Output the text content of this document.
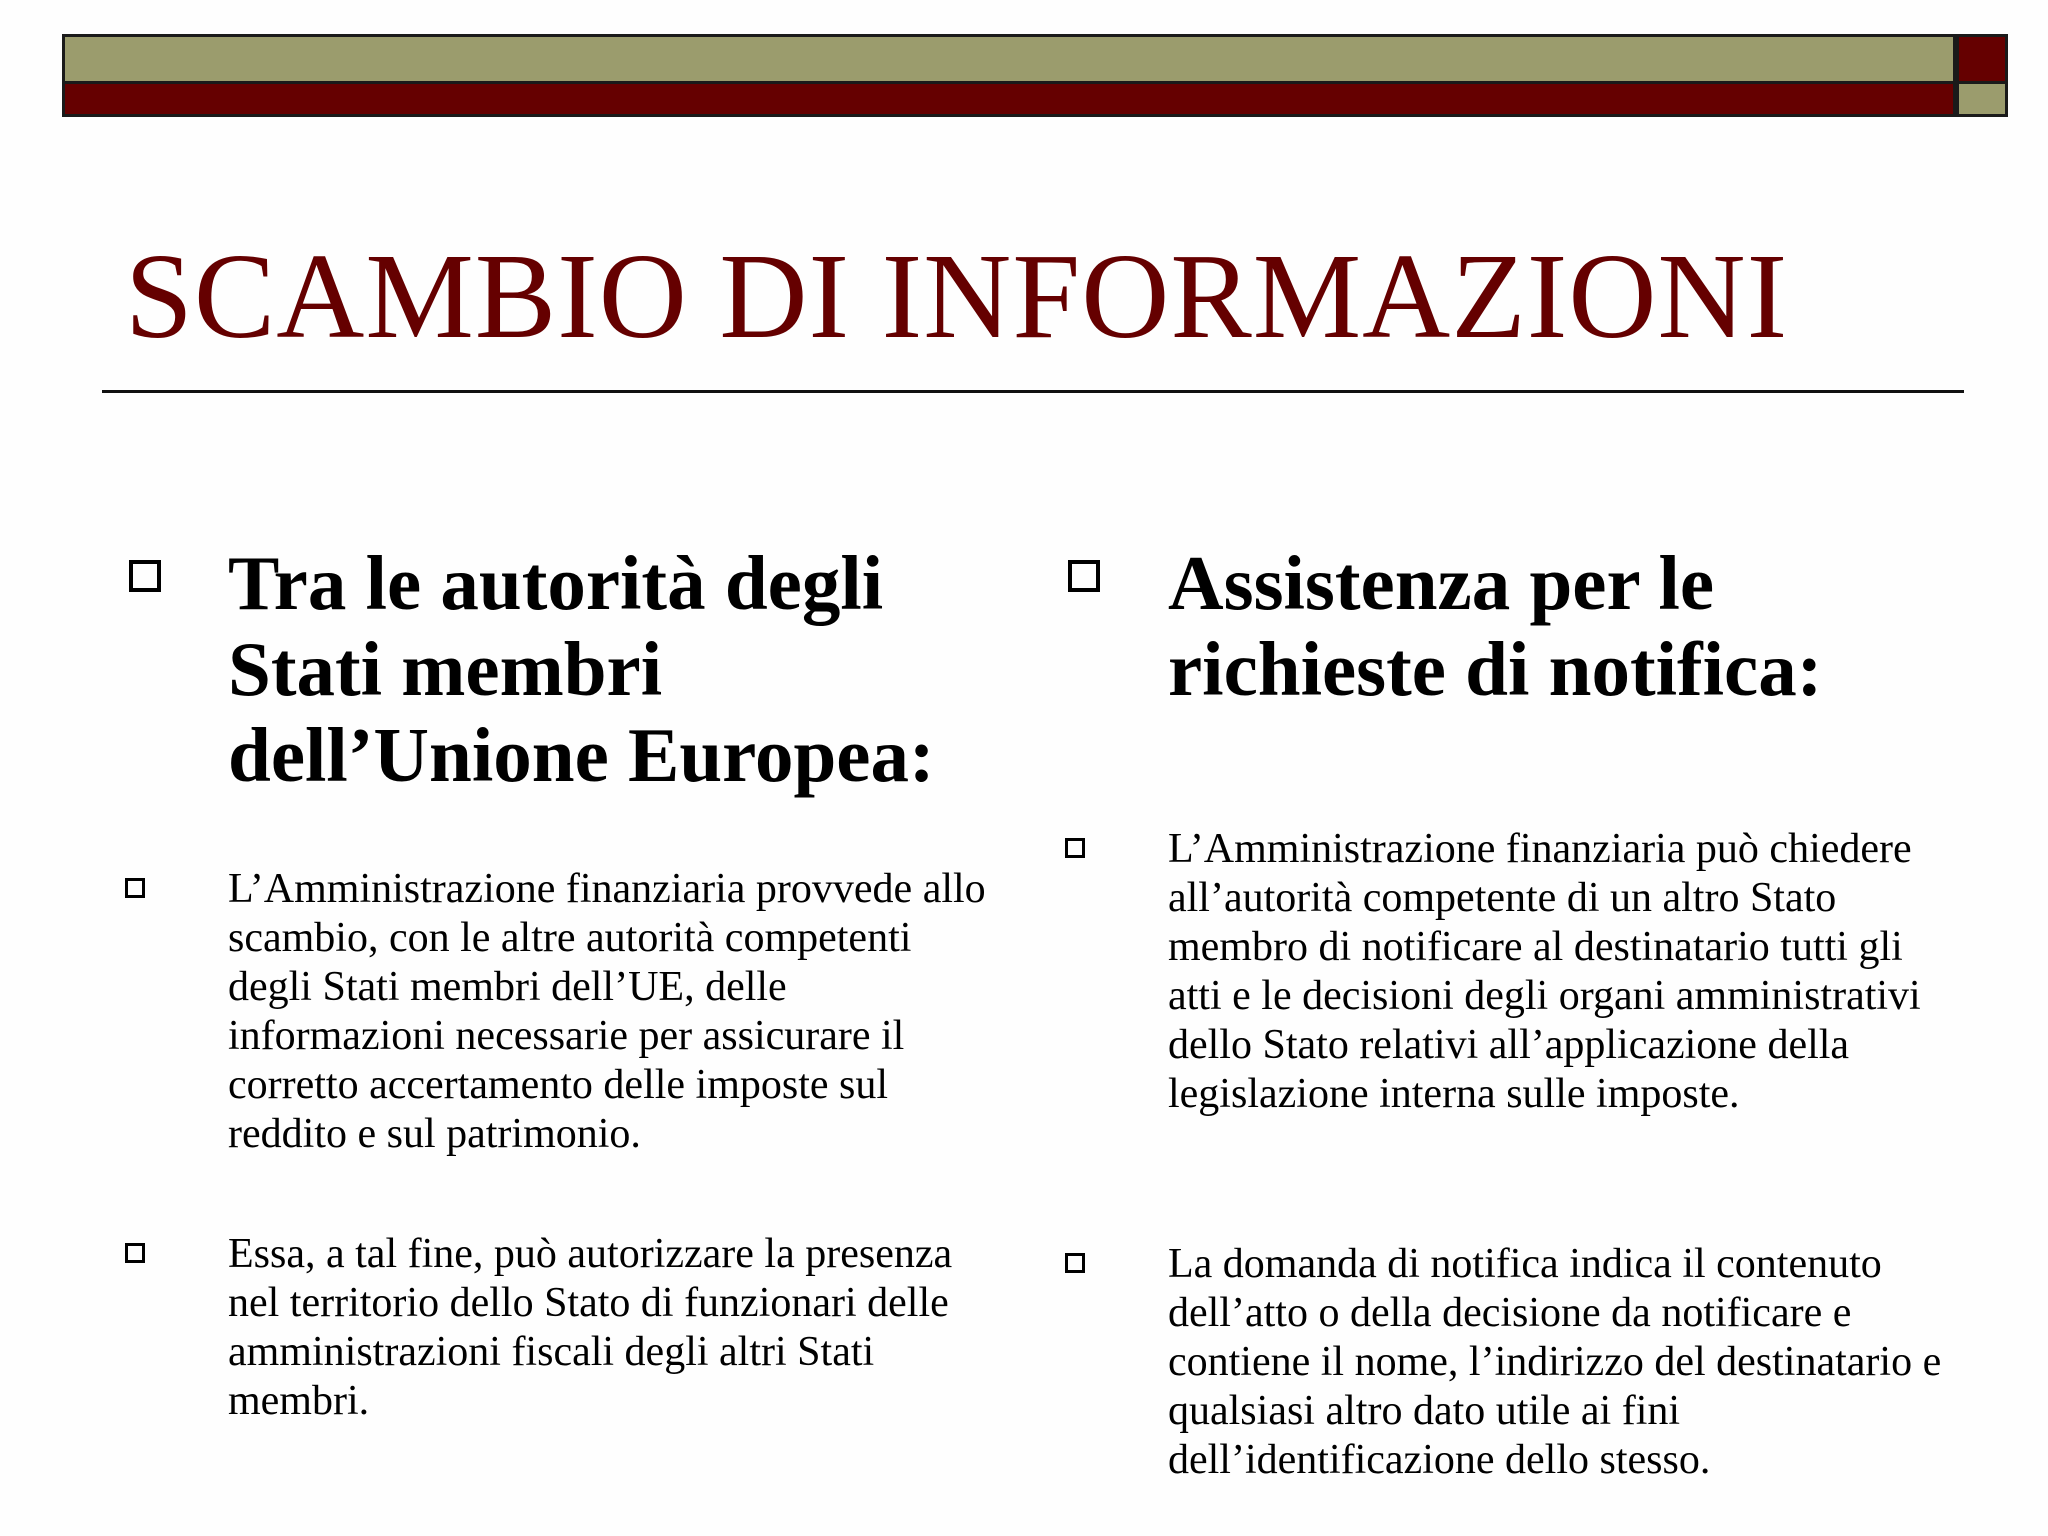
SCAMBIO DI INFORMAZIONI
Tra le autorità degli Stati membri dell’Unione Europea:
L’Amministrazione finanziaria provvede allo scambio, con le altre autorità competenti degli Stati membri dell’UE, delle informazioni necessarie per assicurare il corretto accertamento delle imposte sul reddito e sul patrimonio.
Essa, a tal fine, può autorizzare la presenza nel territorio dello Stato di funzionari delle amministrazioni fiscali degli altri Stati membri.
Assistenza per le richieste di notifica:
L’Amministrazione finanziaria può chiedere all’autorità competente di un altro Stato membro di notificare al destinatario tutti gli atti e le decisioni degli organi amministrativi dello Stato relativi all’applicazione della legislazione interna sulle imposte.
La domanda di notifica indica il contenuto dell’atto o della decisione da notificare e contiene il nome, l’indirizzo del destinatario e qualsiasi altro dato utile ai fini dell’identificazione dello stesso.
